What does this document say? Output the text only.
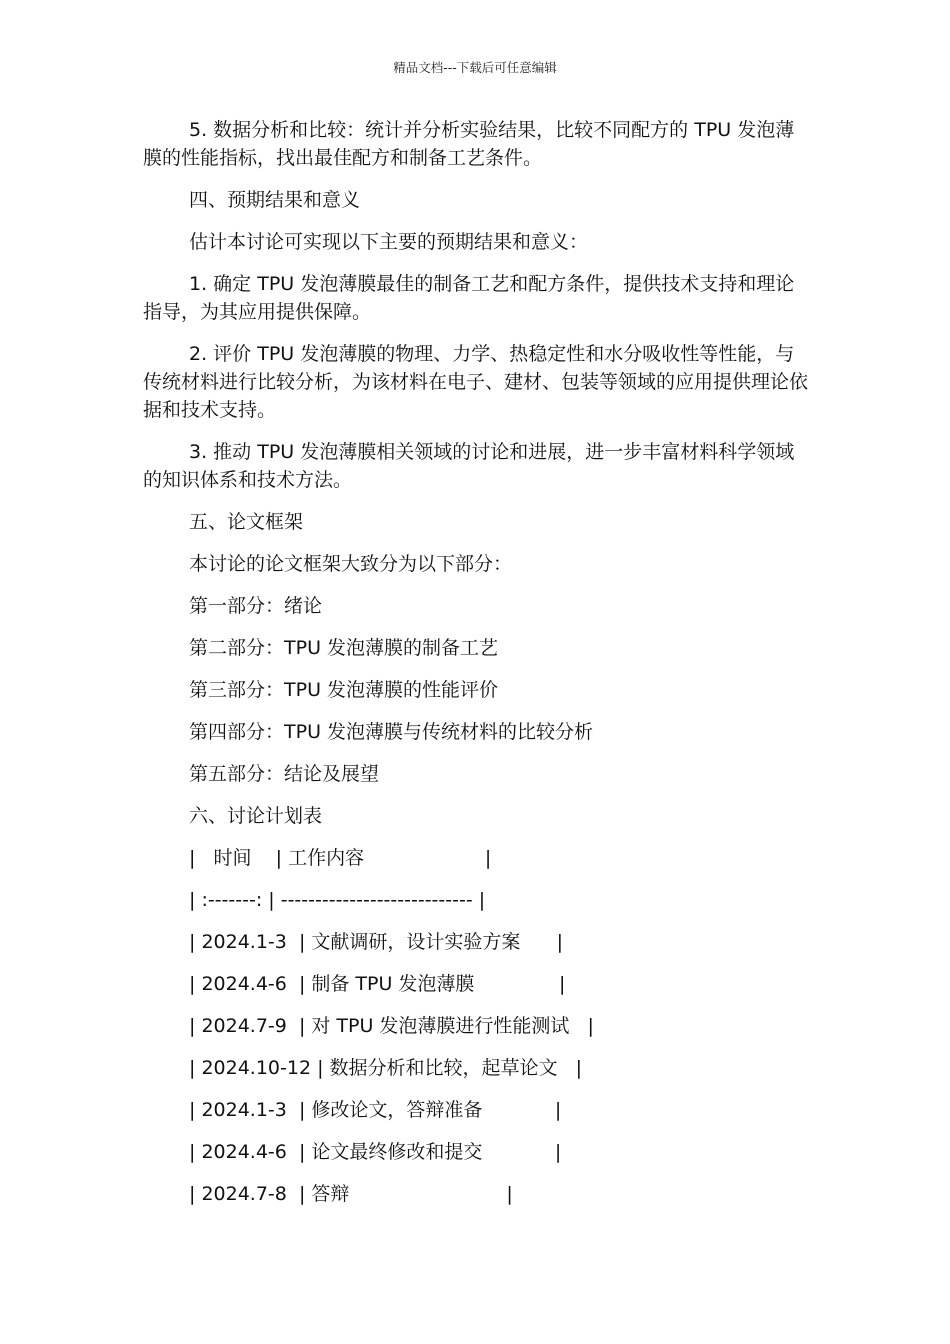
精品文档---下载后可任意编辑

5. 数据分析和比较：统计并分析实验结果，比较不同配方的 TPU 发泡薄膜的性能指标，找出最佳配方和制备工艺条件。

四、预期结果和意义

估计本讨论可实现以下主要的预期结果和意义：

1. 确定 TPU 发泡薄膜最佳的制备工艺和配方条件，提供技术支持和理论指导，为其应用提供保障。

2. 评价 TPU 发泡薄膜的物理、力学、热稳定性和水分吸收性等性能，与传统材料进行比较分析，为该材料在电子、建材、包装等领域的应用提供理论依据和技术支持。

3. 推动 TPU 发泡薄膜相关领域的讨论和进展，进一步丰富材料科学领域的知识体系和技术方法。

五、论文框架

本讨论的论文框架大致分为以下部分：

第一部分：绪论

第二部分：TPU 发泡薄膜的制备工艺

第三部分：TPU 发泡薄膜的性能评价

第四部分：TPU 发泡薄膜与传统材料的比较分析

第五部分：结论及展望

六、讨论计划表

|   时间    | 工作内容                    |
| :-------: | ---------------------------- |
| 2024.1-3  | 文献调研，设计实验方案      |
| 2024.4-6  | 制备 TPU 发泡薄膜              |
| 2024.7-9  | 对 TPU 发泡薄膜进行性能测试   |
| 2024.10-12 | 数据分析和比较，起草论文   |
| 2024.1-3  | 修改论文，答辩准备            |
| 2024.4-6  | 论文最终修改和提交            |
| 2024.7-8  | 答辩                          |
